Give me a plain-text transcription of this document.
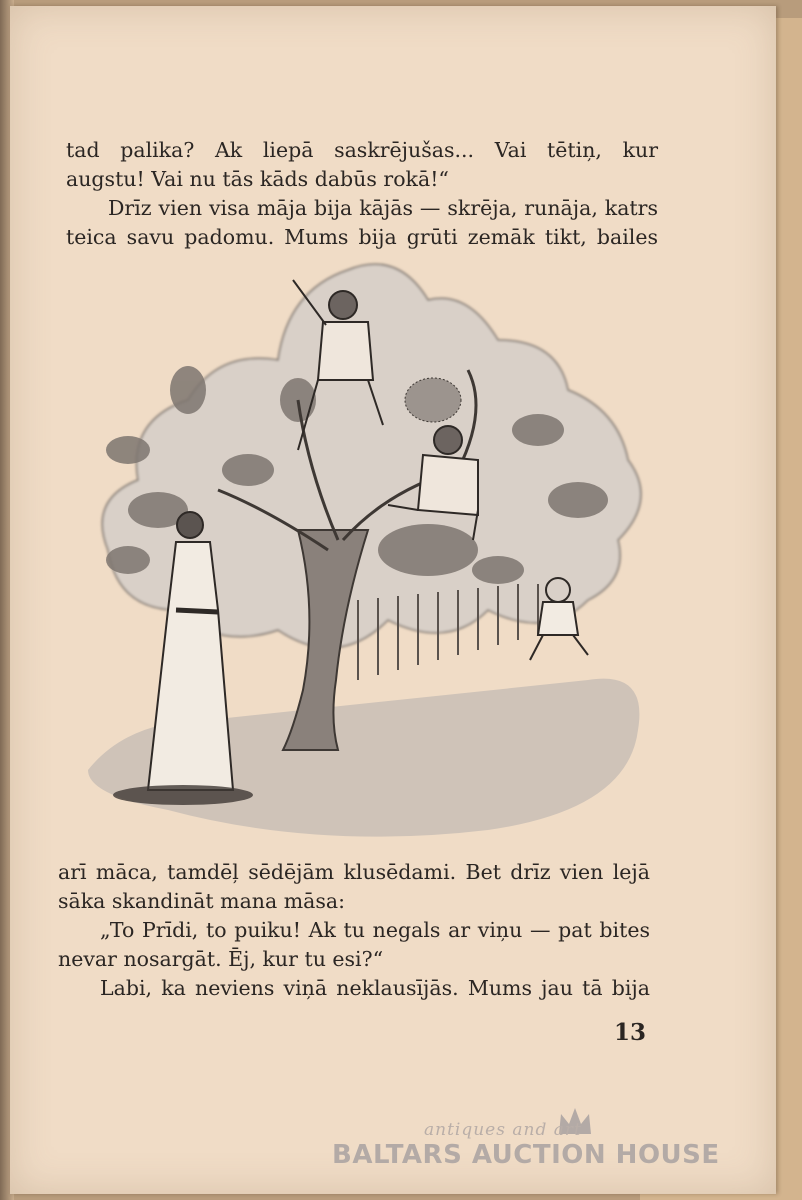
tad palika? Ak liepā saskrējušas... Vai tētiņ, kur
augstu! Vai nu tās kāds dabūs rokā!“
Drīz vien visa māja bija kājās — skrēja, runāja, katrs
teica savu padomu. Mums bija grūti zemāk tikt, bailes
arī māca, tamdēļ sēdējām klusēdami. Bet drīz vien lejā
sāka skandināt mana māsa:
„To Prīdi, to puiku! Ak tu negals ar viņu — pat bites
nevar nosargāt. Ēj, kur tu esi?“
Labi, ka neviens viņā neklausījās. Mums jau tā bija
13
antiques and art
BALTARS AUCTION HOUSE
